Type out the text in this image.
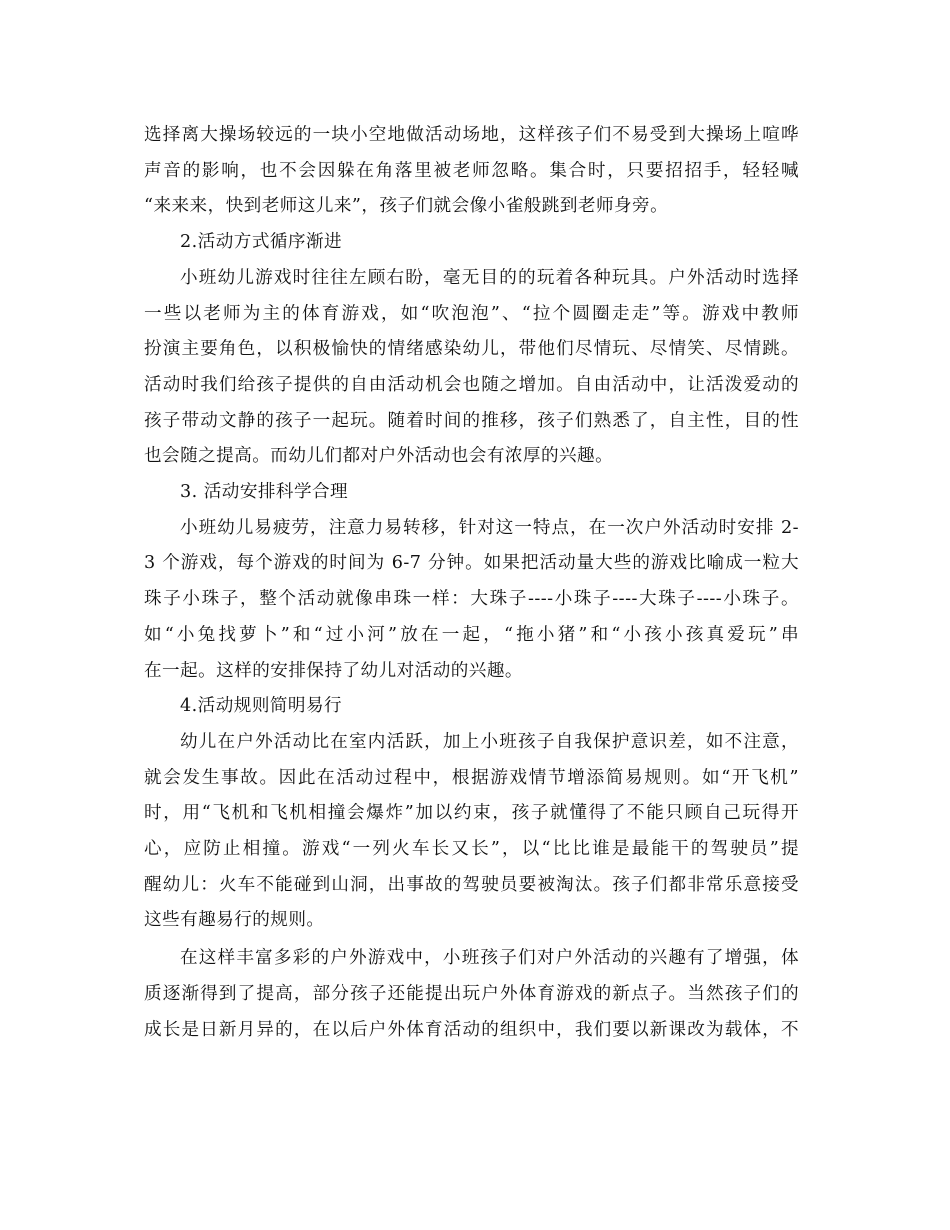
选择离大操场较远的一块小空地做活动场地，这样孩子们不易受到大操场上喧哗
声音的影响，也不会因躲在角落里被老师忽略。集合时，只要招招手，轻轻喊
“来来来，快到老师这儿来”，孩子们就会像小雀般跳到老师身旁。
2.活动方式循序渐进
小班幼儿游戏时往往左顾右盼，毫无目的的玩着各种玩具。户外活动时选择
一些以老师为主的体育游戏，如“吹泡泡”、“拉个圆圈走走”等。游戏中教师
扮演主要角色，以积极愉快的情绪感染幼儿，带他们尽情玩、尽情笑、尽情跳。
活动时我们给孩子提供的自由活动机会也随之增加。自由活动中，让活泼爱动的
孩子带动文静的孩子一起玩。随着时间的推移，孩子们熟悉了，自主性，目的性
也会随之提高。而幼儿们都对户外活动也会有浓厚的兴趣。
3. 活动安排科学合理
小班幼儿易疲劳，注意力易转移，针对这一特点，在一次户外活动时安排 2-
3 个游戏，每个游戏的时间为 6-7 分钟。如果把活动量大些的游戏比喻成一粒大
珠子小珠子，整个活动就像串珠一样：大珠子----小珠子----大珠子----小珠子。
如“小兔找萝卜”和“过小河”放在一起，“拖小猪”和“小孩小孩真爱玩”串
在一起。这样的安排保持了幼儿对活动的兴趣。
4.活动规则简明易行
幼儿在户外活动比在室内活跃，加上小班孩子自我保护意识差，如不注意，
就会发生事故。因此在活动过程中，根据游戏情节增添简易规则。如“开飞机”
时，用“飞机和飞机相撞会爆炸”加以约束，孩子就懂得了不能只顾自己玩得开
心，应防止相撞。游戏“一列火车长又长”，以“比比谁是最能干的驾驶员”提
醒幼儿：火车不能碰到山洞，出事故的驾驶员要被淘汰。孩子们都非常乐意接受
这些有趣易行的规则。
在这样丰富多彩的户外游戏中，小班孩子们对户外活动的兴趣有了增强，体
质逐渐得到了提高，部分孩子还能提出玩户外体育游戏的新点子。当然孩子们的
成长是日新月异的，在以后户外体育活动的组织中，我们要以新课改为载体，不
